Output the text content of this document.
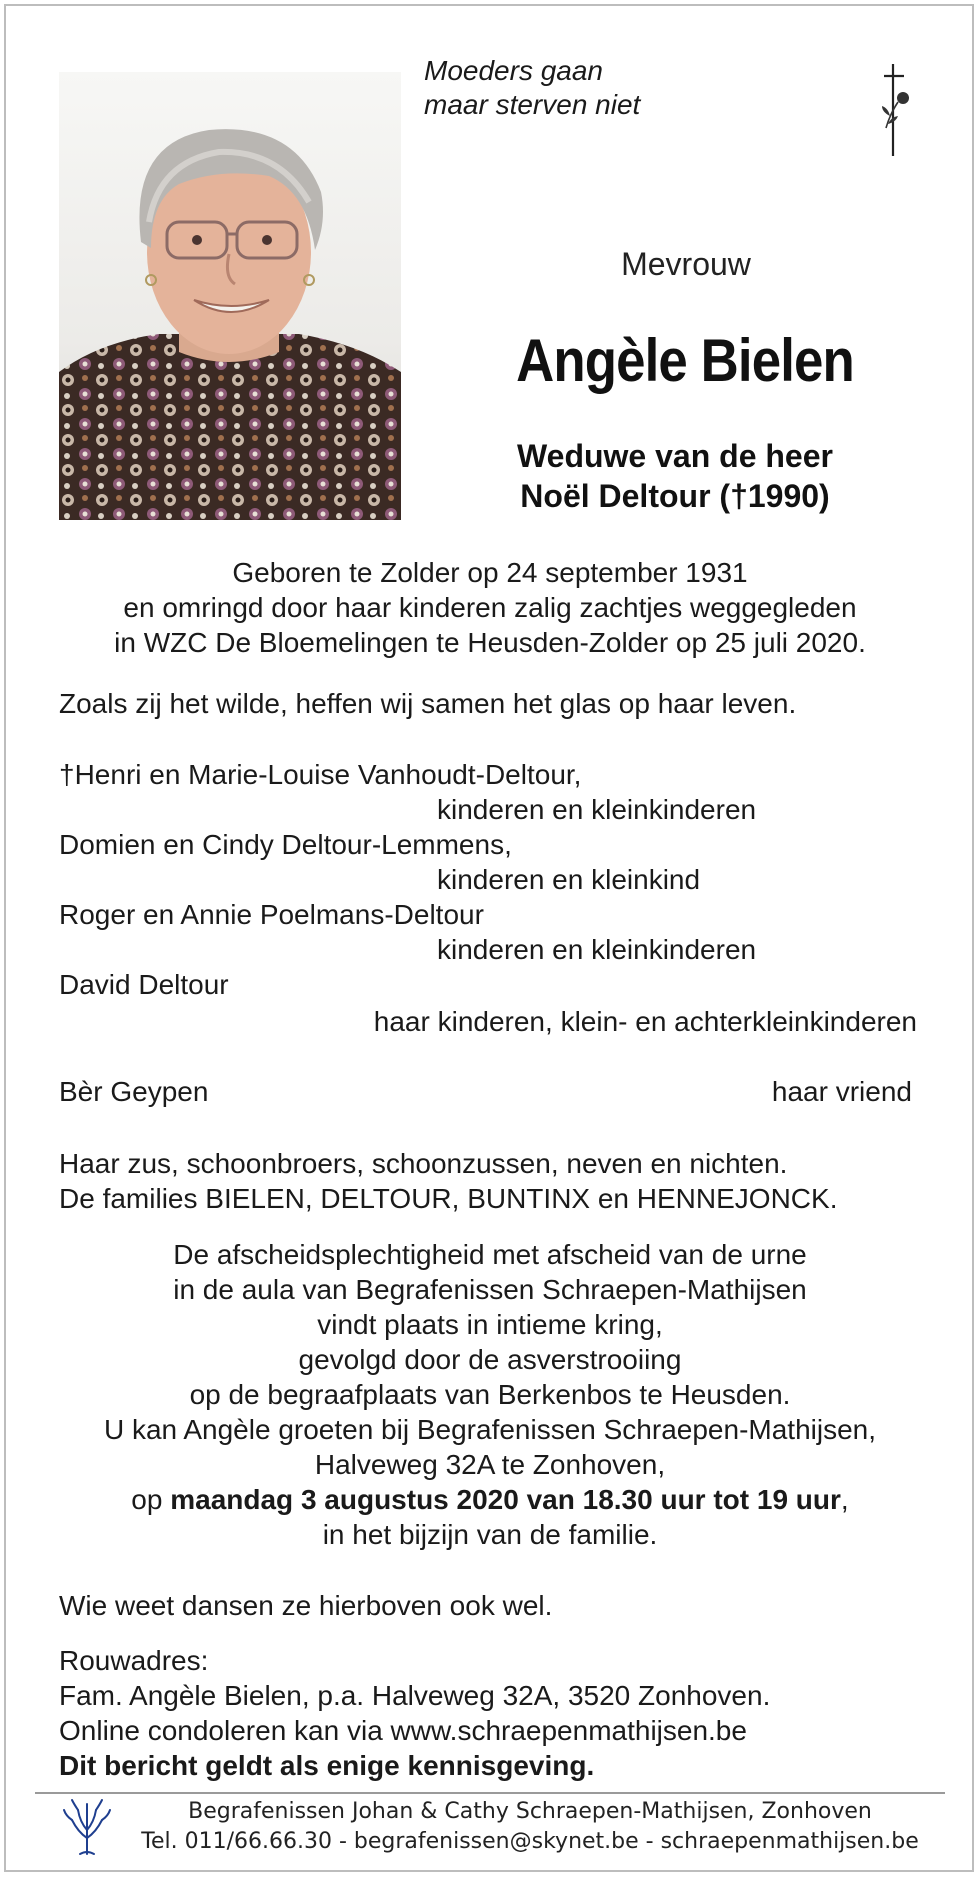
Moeders gaan
maar sterven niet
Mevrouw
Angèle Bielen
Weduwe van de heer
Noël Deltour (†1990)
Geboren te Zolder op 24 september 1931
en omringd door haar kinderen zalig zachtjes weggegleden
in WZC De Bloemelingen te Heusden-Zolder op 25 juli 2020.
Zoals zij het wilde, heffen wij samen het glas op haar leven.
†Henri en Marie-Louise Vanhoudt-Deltour,
kinderen en kleinkinderen
Domien en Cindy Deltour-Lemmens,
kinderen en kleinkind
Roger en Annie Poelmans-Deltour
kinderen en kleinkinderen
David Deltour
haar kinderen, klein- en achterkleinkinderen
Bèr Geypen	haar vriend
Haar zus, schoonbroers, schoonzussen, neven en nichten.
De families BIELEN, DELTOUR, BUNTINX en HENNEJONCK.
De afscheidsplechtigheid met afscheid van de urne
in de aula van Begrafenissen Schraepen-Mathijsen
vindt plaats in intieme kring,
gevolgd door de asverstrooiing
op de begraafplaats van Berkenbos te Heusden.
U kan Angèle groeten bij Begrafenissen Schraepen-Mathijsen,
Halveweg 32A te Zonhoven,
op maandag 3 augustus 2020 van 18.30 uur tot 19 uur,
in het bijzijn van de familie.
Wie weet dansen ze hierboven ook wel.
Rouwadres:
Fam. Angèle Bielen, p.a. Halveweg 32A, 3520 Zonhoven.
Online condoleren kan via www.schraepenmathijsen.be
Dit bericht geldt als enige kennisgeving.
Begrafenissen Johan & Cathy Schraepen-Mathijsen, Zonhoven
Tel. 011/66.66.30 - begrafenissen@skynet.be - schraepenmathijsen.be
